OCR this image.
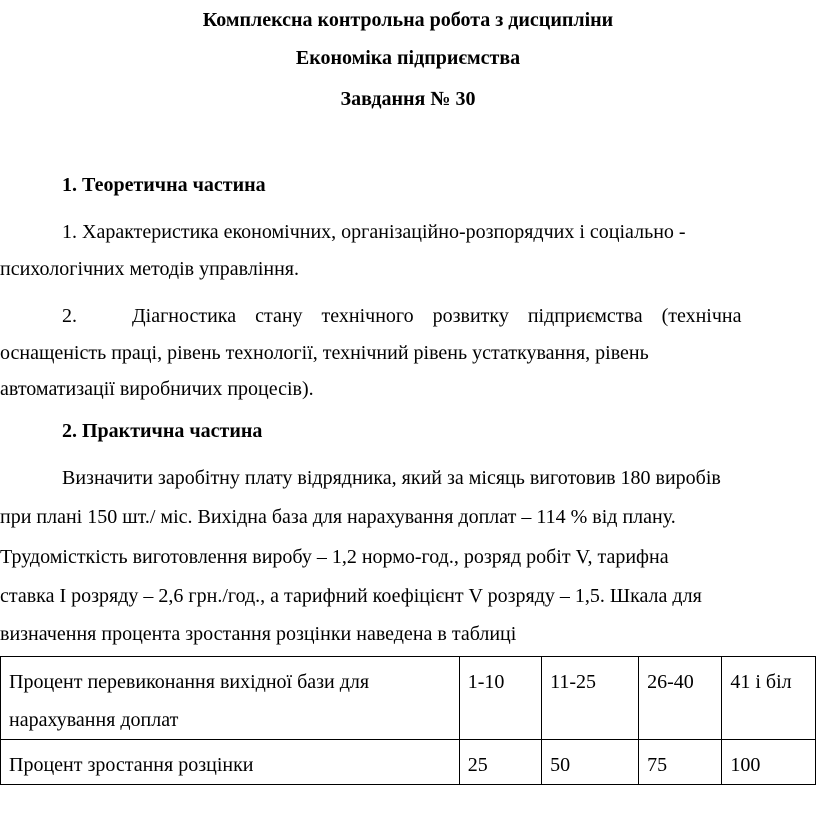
Комплексна контрольна робота з дисципліни

Економіка підприємства

Завдання № 30

1. Теоретична частина

1. Характеристика економічних, організаційно-розпорядчих і соціально -

психологічних методів управління.

2.	Діагностика стану технічного розвитку підприємства (технічна

оснащеність праці, рівень технології, технічний рівень устаткування, рівень

автоматизації виробничих процесів).

2. Практична частина

Визначити заробітну плату відрядника, який за місяць виготовив 180 виробів

при плані 150 шт./ міс. Вихідна база для нарахування доплат – 114 % від плану.

Трудомісткість виготовлення виробу – 1,2 нормо-год., розряд робіт V, тарифна

ставка I розряду – 2,6 грн./год., а тарифний коефіцієнт V розряду – 1,5. Шкала для

визначення процента зростання розцінки наведена в таблиці

Процент перевиконання вихідної бази для
нарахування доплат	1-10	11-25	26-40	41 і біл
Процент зростання розцінки	25	50	75	100
